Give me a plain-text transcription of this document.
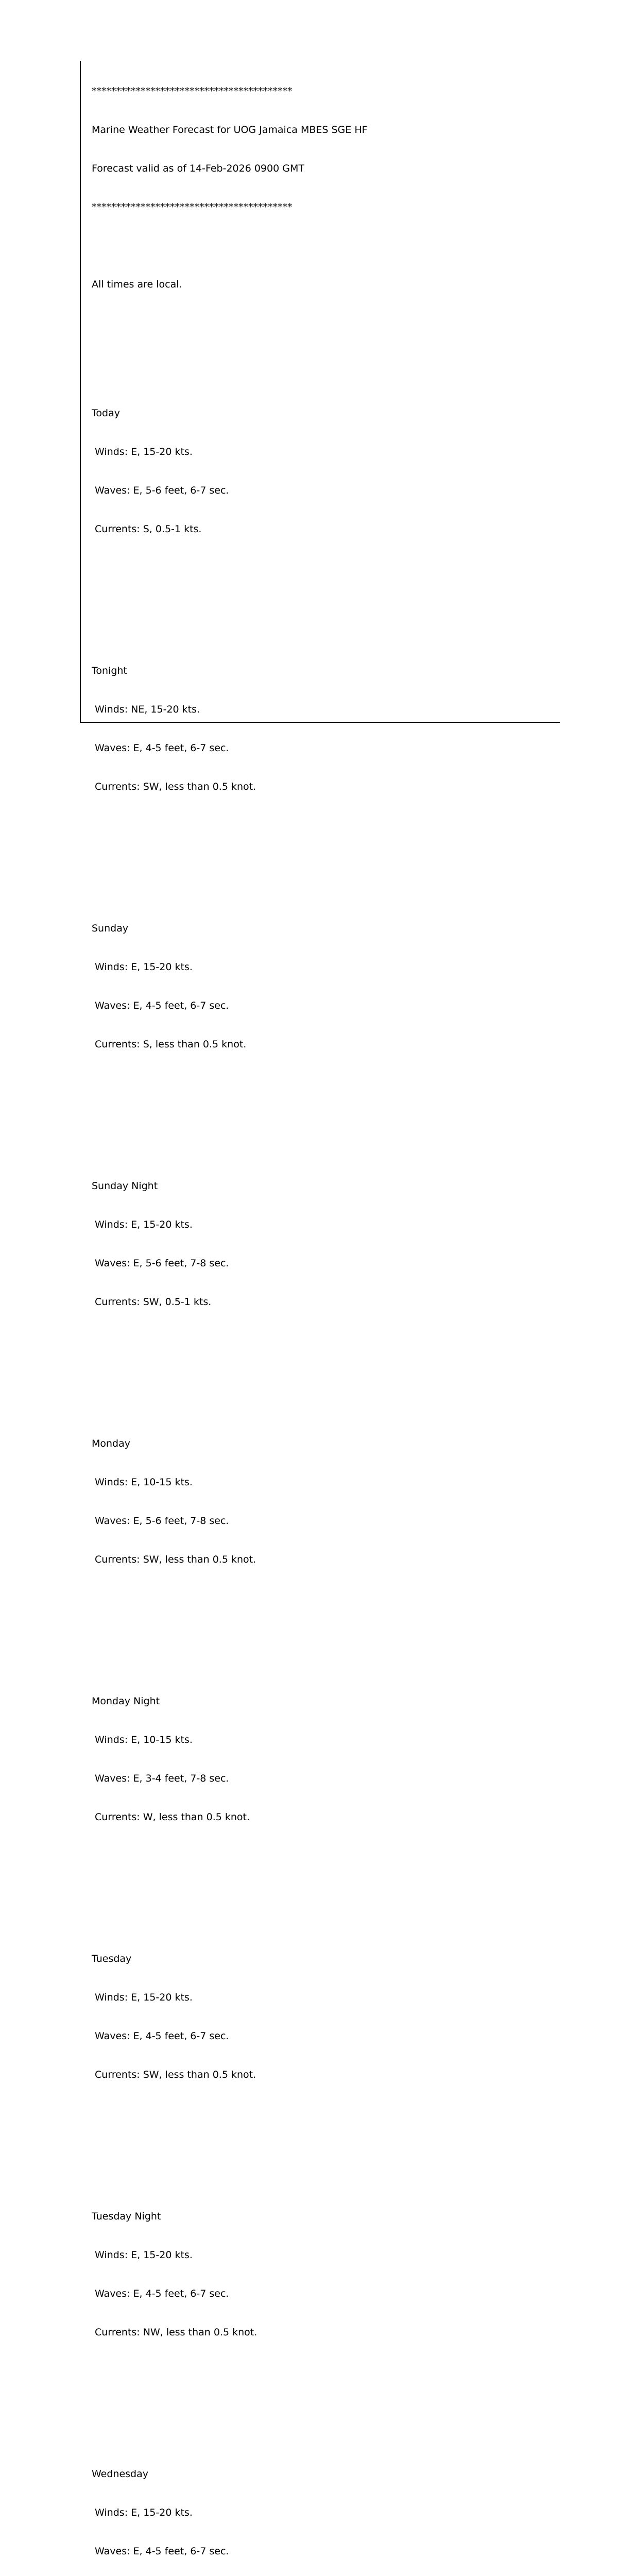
*****************************************

Marine Weather Forecast for UOG Jamaica MBES SGE HF

Forecast valid as of 14-Feb-2026 0900 GMT

*****************************************

All times are local.

Today

Winds: E, 15-20 kts.

Waves: E, 5-6 feet, 6-7 sec.

Currents: S, 0.5-1 kts.

Tonight

Winds: NE, 15-20 kts.

Waves: E, 4-5 feet, 6-7 sec.

Currents: SW, less than 0.5 knot.

Sunday

Winds: E, 15-20 kts.

Waves: E, 4-5 feet, 6-7 sec.

Currents: S, less than 0.5 knot.

Sunday Night

Winds: E, 15-20 kts.

Waves: E, 5-6 feet, 7-8 sec.

Currents: SW, 0.5-1 kts.

Monday

Winds: E, 10-15 kts.

Waves: E, 5-6 feet, 7-8 sec.

Currents: SW, less than 0.5 knot.

Monday Night

Winds: E, 10-15 kts.

Waves: E, 3-4 feet, 7-8 sec.

Currents: W, less than 0.5 knot.

Tuesday

Winds: E, 15-20 kts.

Waves: E, 4-5 feet, 6-7 sec.

Currents: SW, less than 0.5 knot.

Tuesday Night

Winds: E, 15-20 kts.

Waves: E, 4-5 feet, 6-7 sec.

Currents: NW, less than 0.5 knot.

Wednesday

Winds: E, 15-20 kts.

Waves: E, 4-5 feet, 6-7 sec.
